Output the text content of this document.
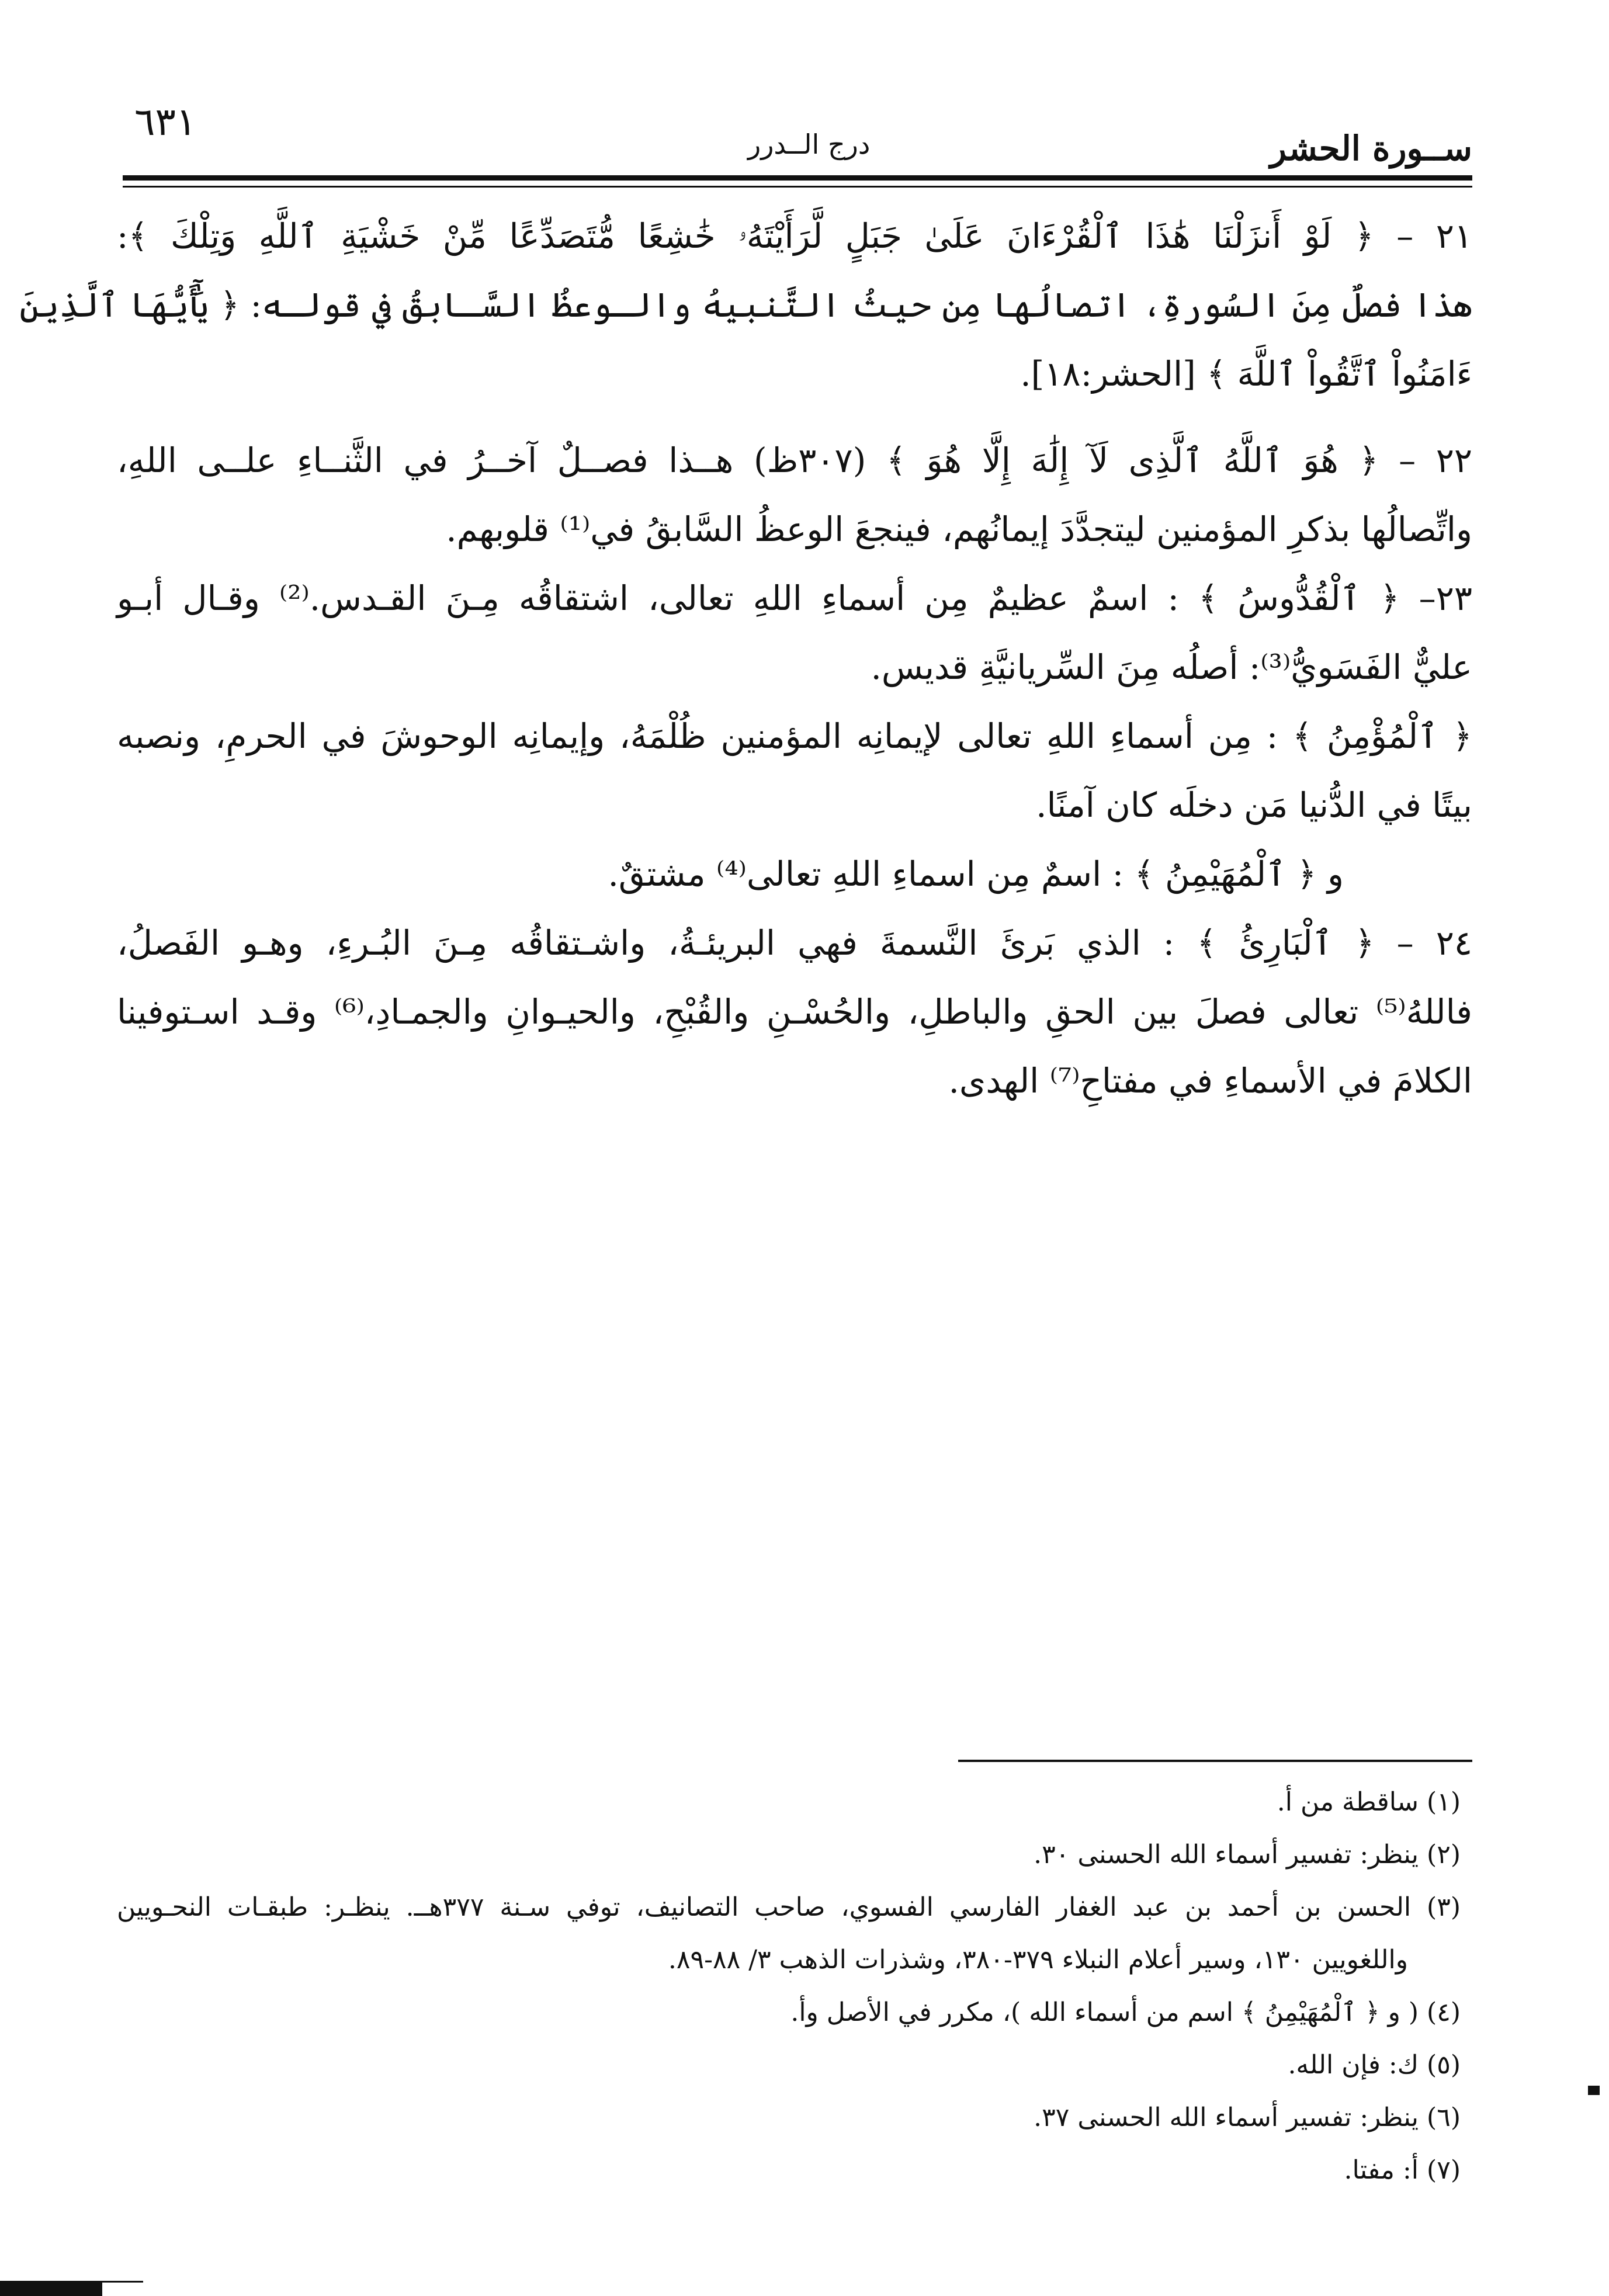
٦٣١	درج الــدرر	ســورة الحشر
٢١ – ﴿ لَوْ أَنزَلْنَا هَٰذَا ٱلْقُرْءَانَ عَلَىٰ جَبَلٍ لَّرَأَيْتَهُۥ خَٰشِعًا مُّتَصَدِّعًا مِّنْ خَشْيَةِ ٱللَّهِ وَتِلْكَ ﴾:
هذا فصلٌ مِنَ السُورةِ، اتصالُها مِن حيثُ التَّنبيهُ والـوعظُ السَّـابقُ في قولـه: ﴿ يَٰٓأَيُّهَا ٱلَّذِينَ
ءَامَنُواْ ٱتَّقُواْ ٱللَّهَ ﴾ [الحشر:١٨].
٢٢ – ﴿ هُوَ ٱللَّهُ ٱلَّذِى لَآ إِلَٰهَ إِلَّا هُوَ ﴾ (٣٠٧ظ) هــذا فصــلٌ آخــرُ في الثَّنــاءِ علــى اللهِ،
واتِّصالُها بذكرِ المؤمنين ليتجدَّدَ إيمانُهم، فينجعَ الوعظُ السَّابقُ في⁽¹⁾ قلوبهم.
٢٣– ﴿ ٱلْقُدُّوسُ ﴾ : اسمٌ عظيمٌ مِن أسماءِ اللهِ تعالى، اشتقاقُه مِـنَ القـدس.⁽²⁾ وقـال أبـو
عليٌّ الفَسَويُّ⁽³⁾: أصلُه مِنَ السِّريانيَّةِ قديس.
﴿ ٱلْمُؤْمِنُ ﴾ : مِن أسماءِ اللهِ تعالى لإيمانِه المؤمنين ظُلْمَهُ، وإيمانِه الوحوشَ في الحرمِ، ونصبه
بيتًا في الدُّنيا مَن دخلَه كان آمنًا.
و ﴿ ٱلْمُهَيْمِنُ ﴾ : اسمٌ مِن اسماءِ اللهِ تعالى⁽⁴⁾ مشتقٌ.
٢٤ – ﴿ ٱلْبَارِئُ ﴾ : الذي بَرئَ النَّسمةَ فهي البريئـةُ، واشـتقاقُه مِـنَ البُـرءِ، وهـو الفَصلُ،
فاللهُ⁽⁵⁾ تعالى فصلَ بين الحقِ والباطلِ، والحُسْـنِ والقُبْحِ، والحيـوانِ والجمـادِ،⁽⁶⁾ وقـد اسـتوفينا
الكلامَ في الأسماءِ في مفتاحِ⁽⁷⁾ الهدى.
(١) ساقطة من أ.
(٢) ينظر: تفسير أسماء الله الحسنى ٣٠.
(٣) الحسن بن أحمد بن عبد الغفار الفارسي الفسوي، صاحب التصانيف، توفي سـنة ٣٧٧هــ. ينظـر: طبقـات النحـويين
واللغويين ١٣٠، وسير أعلام النبلاء ٣٧٩-٣٨٠، وشذرات الذهب ٣/ ٨٨-٨٩.
(٤) ( و ﴿ ٱلْمُهَيْمِنُ ﴾ اسم من أسماء الله )، مكرر في الأصل وأ.
(٥) ك: فإن الله.
(٦) ينظر: تفسير أسماء الله الحسنى ٣٧.
(٧) أ: مفتا.
